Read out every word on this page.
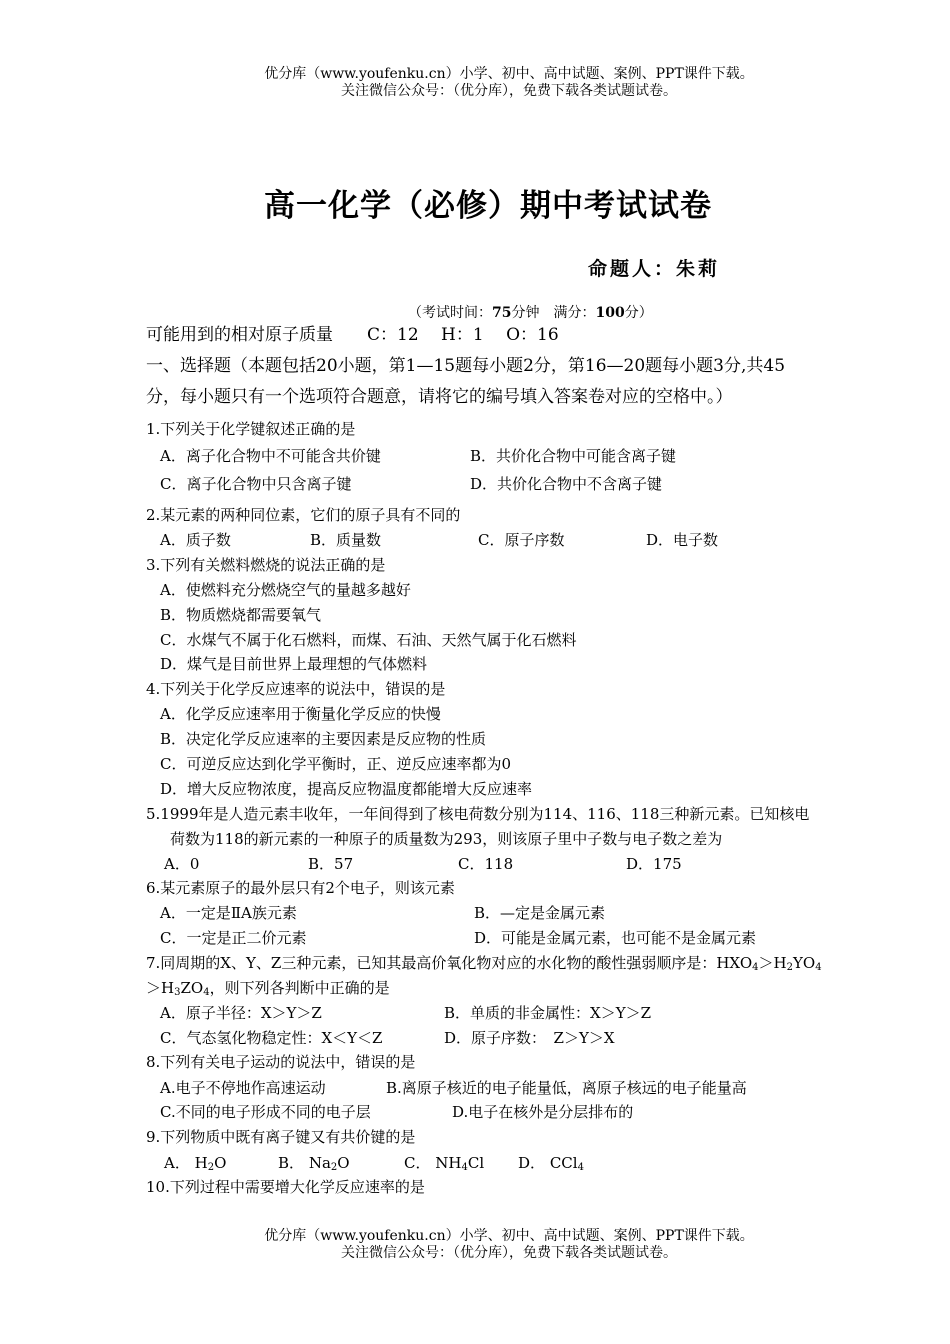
优分库（www.youfenku.cn）小学、初中、高中试题、案例、PPT课件下载。
关注微信公众号：（优分库），免费下载各类试题试卷。
高一化学（必修）期中考试试卷
命题人：朱莉
（考试时间：75分钟　 满分：100分）
可能用到的相对原子质量　　C：12　 H：1　 O：16
一、选择题（本题包括20小题，第1—15题每小题2分，第16—20题每小题3分,共45
分，每小题只有一个选项符合题意，请将它的编号填入答案卷对应的空格中。）
1.下列关于化学键叙述正确的是
A．离子化合物中不可能含共价键	B．共价化合物中可能含离子键
C．离子化合物中只含离子键	D．共价化合物中不含离子键
2.某元素的两种同位素，它们的原子具有不同的
A．质子数	B．质量数	C．原子序数	D．电子数
3.下列有关燃料燃烧的说法正确的是
A．使燃料充分燃烧空气的量越多越好
B．物质燃烧都需要氧气
C．水煤气不属于化石燃料，而煤、石油、天然气属于化石燃料
D．煤气是目前世界上最理想的气体燃料
4.下列关于化学反应速率的说法中，错误的是
A．化学反应速率用于衡量化学反应的快慢
B．决定化学反应速率的主要因素是反应物的性质
C．可逆反应达到化学平衡时，正、逆反应速率都为0
D．增大反应物浓度，提高反应物温度都能增大反应速率
5.1999年是人造元素丰收年，一年间得到了核电荷数分别为114、116、118三种新元素。已知核电
荷数为118的新元素的一种原子的质量数为293，则该原子里中子数与电子数之差为
A．0	B．57	C．118	D．175
6.某元素原子的最外层只有2个电子，则该元素
A．一定是ⅡA族元素	B．—定是金属元素
C．一定是正二价元素	D．可能是金属元素，也可能不是金属元素
7.同周期的X、Y、Z三种元素，已知其最高价氧化物对应的水化物的酸性强弱顺序是：$HXO_4>H_2YO_4$
$>H_3ZO_4$，则下列各判断中正确的是
A．原子半径：X＞Y＞Z	B．单质的非金属性：X＞Y＞Z
C．气态氢化物稳定性：X＜Y＜Z	D．原子序数：　Z＞Y＞X
8.下列有关电子运动的说法中，错误的是
A.电子不停地作高速运动	B.离原子核近的电子能量低，离原子核远的电子能量高
C.不同的电子形成不同的电子层	D.电子在核外是分层排布的
9.下列物质中既有离子键又有共价键的是
A． $H_2O$	B． $Na_2O$	C． $NH_4Cl$ D． CCl$_4$
10.下列过程中需要增大化学反应速率的是
优分库（www.youfenku.cn）小学、初中、高中试题、案例、PPT课件下载。
关注微信公众号：（优分库），免费下载各类试题试卷。
